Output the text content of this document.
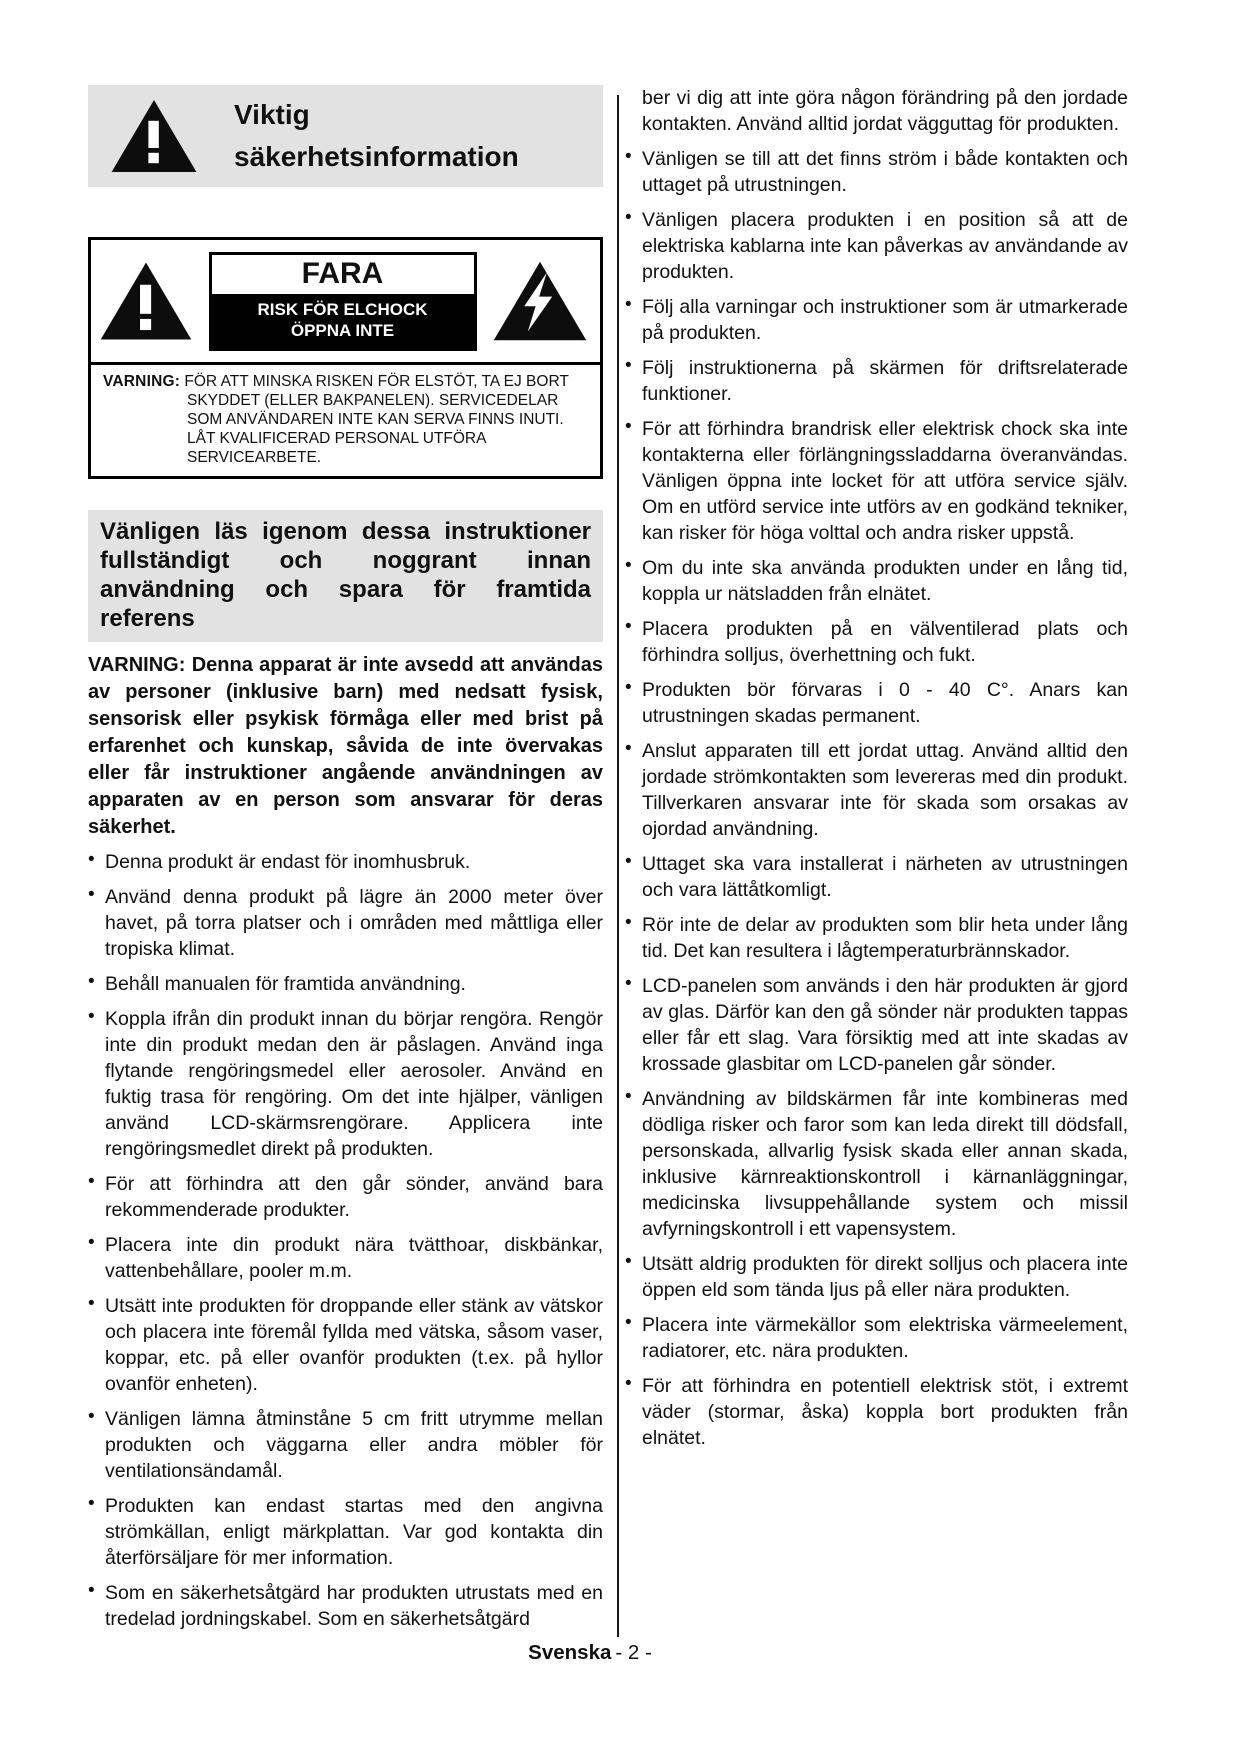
Viktig
säkerhetsinformation
FARA
RISK FÖR ELCHOCK
ÖPPNA INTE
VARNING: FÖR ATT MINSKA RISKEN FÖR ELSTÖT, TA EJ BORT SKYDDET (ELLER BAKPANELEN). SERVICEDELAR SOM ANVÄNDAREN INTE KAN SERVA FINNS INUTI. LÅT KVALIFICERAD PERSONAL UTFÖRA SERVICEARBETE.
Vänligen läs igenom dessa instruktioner fullständigt och noggrant innan användning och spara för framtida referens

VARNING: Denna apparat är inte avsedd att användas av personer (inklusive barn) med nedsatt fysisk, sensorisk eller psykisk förmåga eller med brist på erfarenhet och kunskap, såvida de inte övervakas eller får instruktioner angående användningen av apparaten av en person som ansvarar för deras säkerhet.

• Denna produkt är endast för inomhusbruk.
• Använd denna produkt på lägre än 2000 meter över havet, på torra platser och i områden med måttliga eller tropiska klimat.
• Behåll manualen för framtida användning.
• Koppla ifrån din produkt innan du börjar rengöra. Rengör inte din produkt medan den är påslagen. Använd inga flytande rengöringsmedel eller aerosoler. Använd en fuktig trasa för rengöring. Om det inte hjälper, vänligen använd LCD-skärmsrengörare. Applicera inte rengöringsmedlet direkt på produkten.
• För att förhindra att den går sönder, använd bara rekommenderade produkter.
• Placera inte din produkt nära tvätthoar, diskbänkar, vattenbehållare, pooler m.m.
• Utsätt inte produkten för droppande eller stänk av vätskor och placera inte föremål fyllda med vätska, såsom vaser, koppar, etc. på eller ovanför produkten (t.ex. på hyllor ovanför enheten).
• Vänligen lämna åtminståne 5 cm fritt utrymme mellan produkten och väggarna eller andra möbler för ventilationsändamål.
• Produkten kan endast startas med den angivna strömkällan, enligt märkplattan. Var god kontakta din återförsäljare för mer information.
• Som en säkerhetsåtgärd har produkten utrustats med en tredelad jordningskabel. Som en säkerhetsåtgärd

ber vi dig att inte göra någon förändring på den jordade kontakten. Använd alltid jordat vägguttag för produkten.

• Vänligen se till att det finns ström i både kontakten och uttaget på utrustningen.
• Vänligen placera produkten i en position så att de elektriska kablarna inte kan påverkas av användande av produkten.
• Följ alla varningar och instruktioner som är utmarkerade på produkten.
• Följ instruktionerna på skärmen för driftsrelaterade funktioner.
• För att förhindra brandrisk eller elektrisk chock ska inte kontakterna eller förlängningssladdarna överanvändas. Vänligen öppna inte locket för att utföra service själv. Om en utförd service inte utförs av en godkänd tekniker, kan risker för höga volttal och andra risker uppstå.
• Om du inte ska använda produkten under en lång tid, koppla ur nätsladden från elnätet.
• Placera produkten på en välventilerad plats och förhindra solljus, överhettning och fukt.
• Produkten bör förvaras i 0 - 40 C°. Anars kan utrustningen skadas permanent.
• Anslut apparaten till ett jordat uttag. Använd alltid den jordade strömkontakten som levereras med din produkt. Tillverkaren ansvarar inte för skada som orsakas av ojordad användning.
• Uttaget ska vara installerat i närheten av utrustningen och vara lättåtkomligt.
• Rör inte de delar av produkten som blir heta under lång tid. Det kan resultera i lågtemperaturbrännskador.
• LCD-panelen som används i den här produkten är gjord av glas. Därför kan den gå sönder när produkten tappas eller får ett slag. Vara försiktig med att inte skadas av krossade glasbitar om LCD-panelen går sönder.
• Användning av bildskärmen får inte kombineras med dödliga risker och faror som kan leda direkt till dödsfall, personskada, allvarlig fysisk skada eller annan skada, inklusive kärnreaktionskontroll i kärnanläggningar, medicinska livsuppehållande system och missil avfyrningskontroll i ett vapensystem.
• Utsätt aldrig produkten för direkt solljus och placera inte öppen eld som tända ljus på eller nära produkten.
• Placera inte värmekällor som elektriska värmeelement, radiatorer, etc. nära produkten.
• För att förhindra en potentiell elektrisk stöt, i extremt väder (stormar, åska) koppla bort produkten från elnätet.
Svenska - 2 -
